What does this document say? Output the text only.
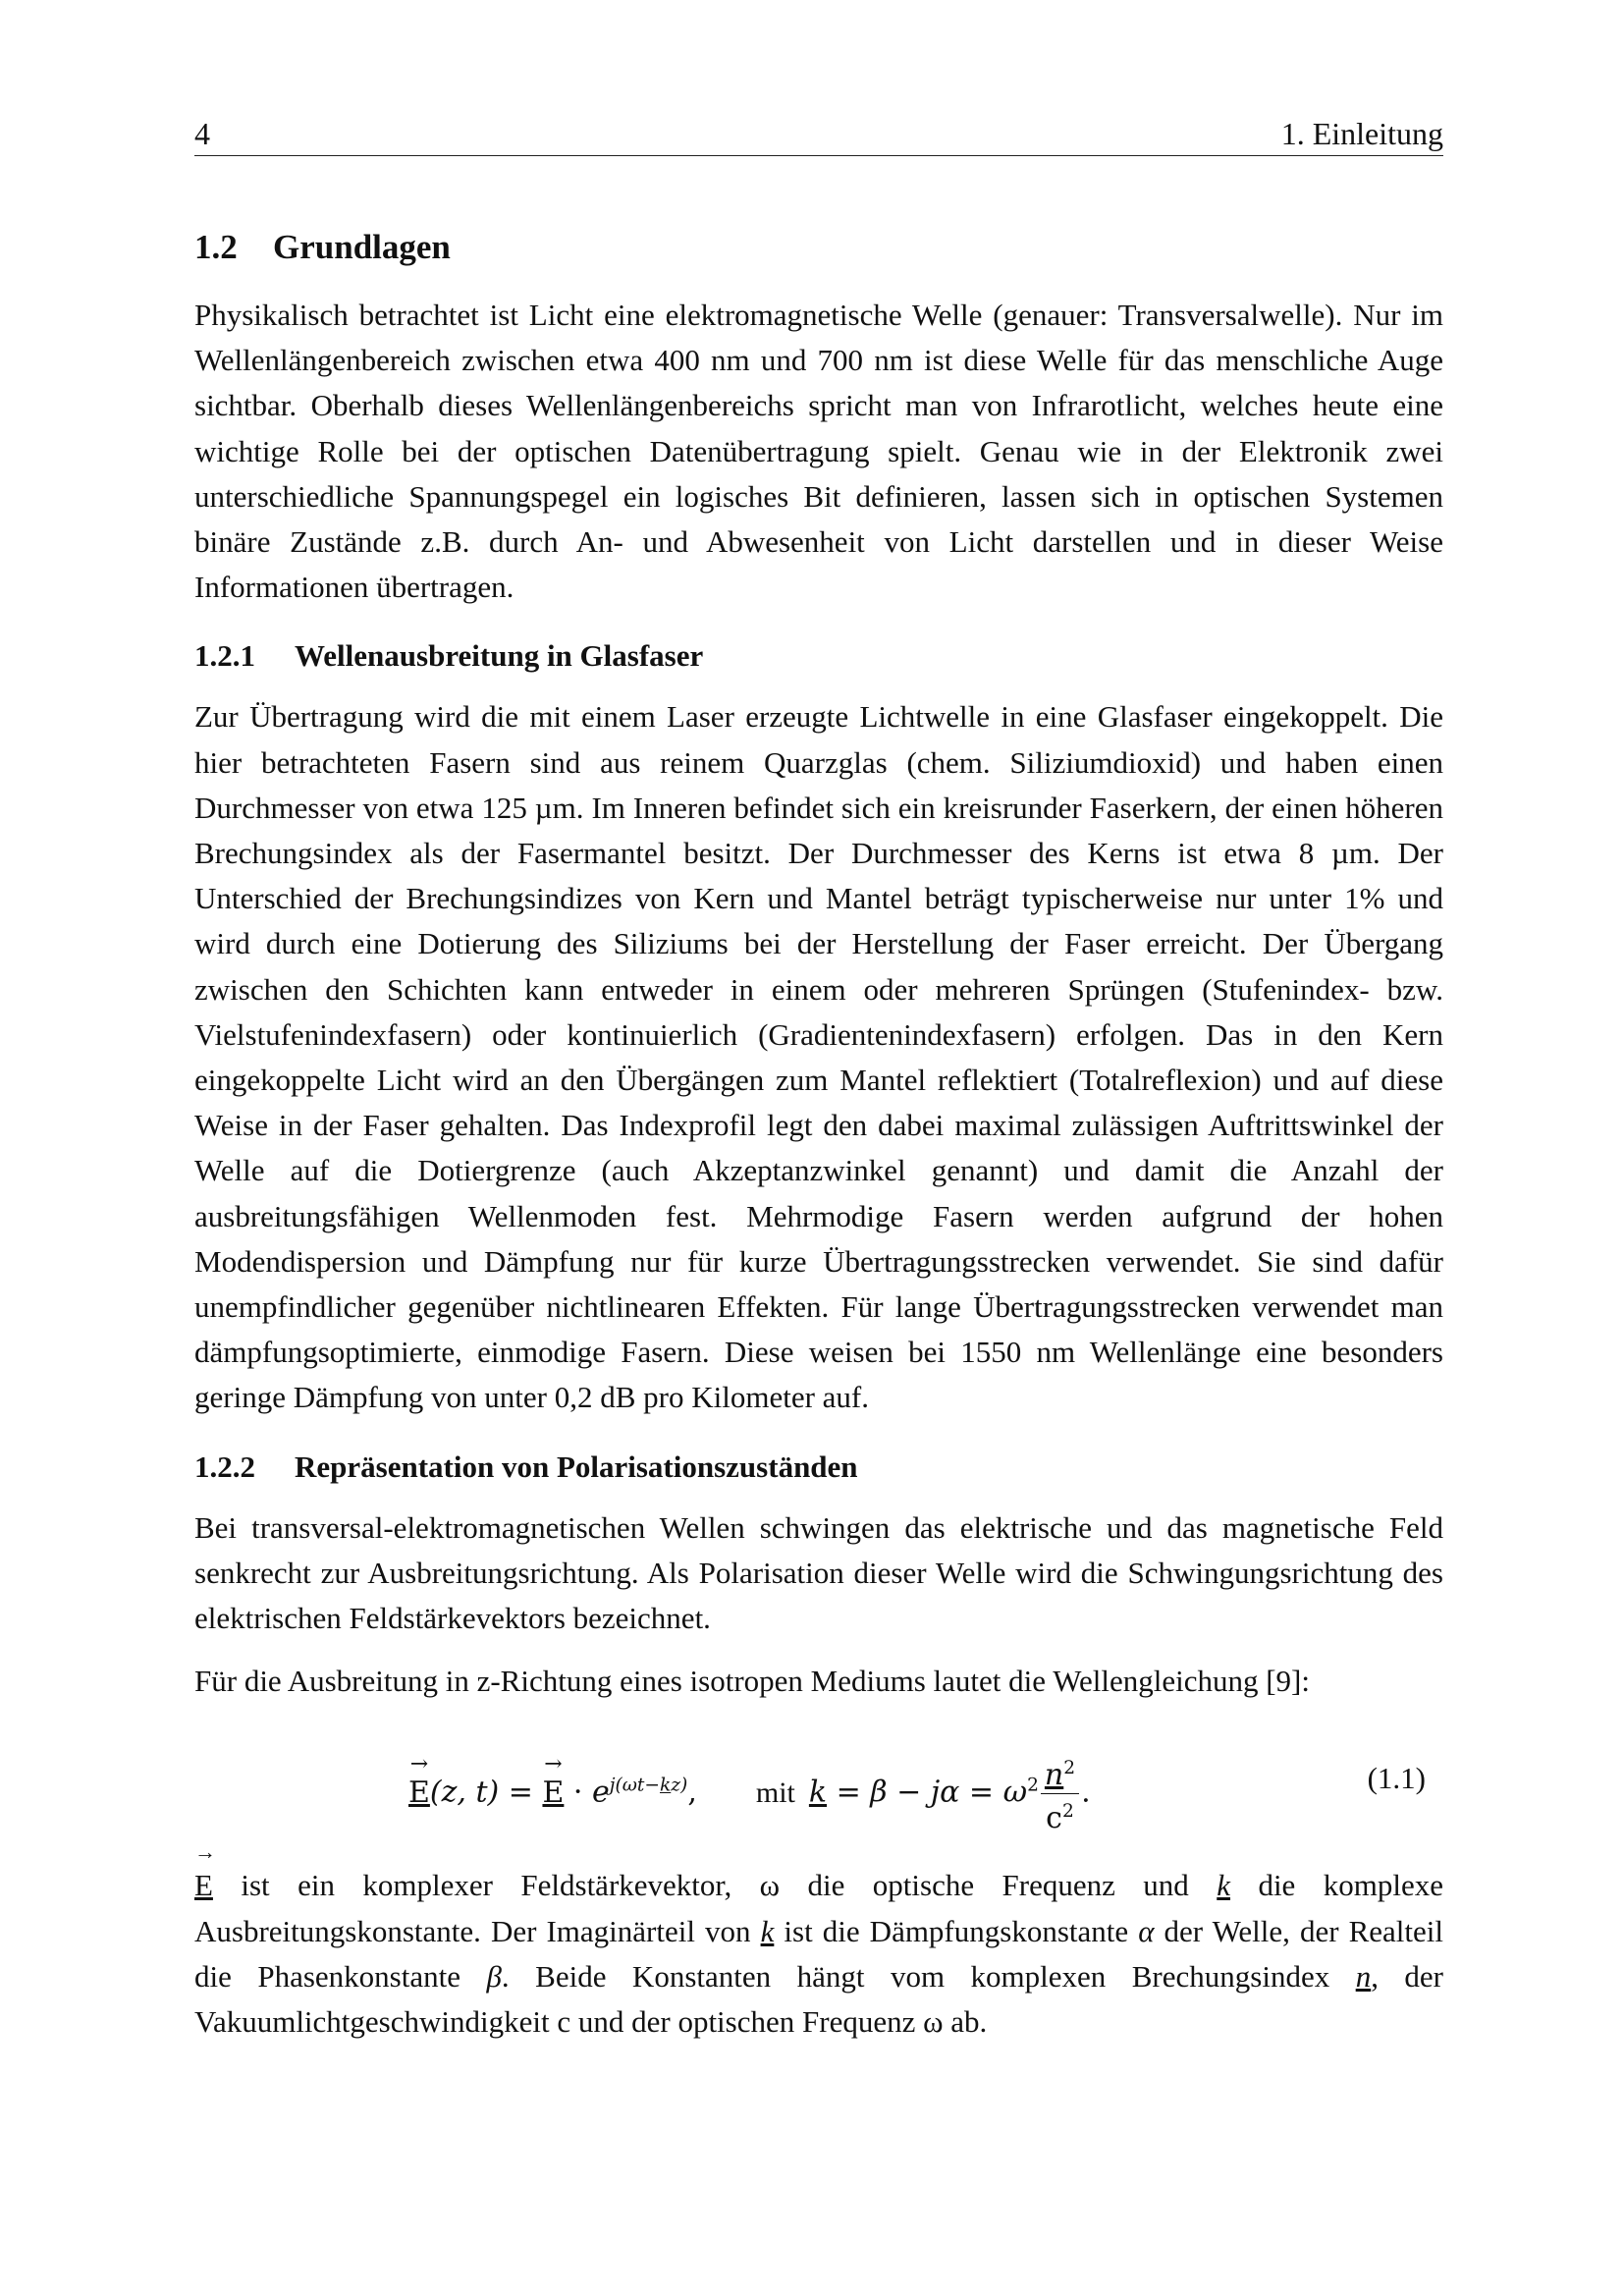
4	1. Einleitung
1.2 Grundlagen

Physikalisch betrachtet ist Licht eine elektromagnetische Welle (genauer: Transversalwelle). Nur im Wellenlängenbereich zwischen etwa 400 nm und 700 nm ist diese Welle für das menschliche Auge sichtbar. Oberhalb dieses Wellenlängenbereichs spricht man von Infrarotlicht, welches heute eine wichtige Rolle bei der optischen Datenübertragung spielt. Genau wie in der Elektronik zwei unterschiedliche Spannungspegel ein logisches Bit definieren, lassen sich in optischen Systemen binäre Zustände z.B. durch An- und Abwesenheit von Licht darstellen und in dieser Weise Informationen übertragen.

1.2.1 Wellenausbreitung in Glasfaser

Zur Übertragung wird die mit einem Laser erzeugte Lichtwelle in eine Glasfaser eingekoppelt. Die hier betrachteten Fasern sind aus reinem Quarzglas (chem. Siliziumdioxid) und haben einen Durchmesser von etwa 125 µm. Im Inneren befindet sich ein kreisrunder Faserkern, der einen höheren Brechungsindex als der Fasermantel besitzt. Der Durchmesser des Kerns ist etwa 8 µm. Der Unterschied der Brechungsindizes von Kern und Mantel beträgt typischerweise nur unter 1% und wird durch eine Dotierung des Siliziums bei der Herstellung der Faser erreicht. Der Übergang zwischen den Schichten kann entweder in einem oder mehreren Sprüngen (Stufenindex- bzw. Vielstufenindexfasern) oder kontinuierlich (Gradientenindexfasern) erfolgen. Das in den Kern eingekoppelte Licht wird an den Übergängen zum Mantel reflektiert (Totalreflexion) und auf diese Weise in der Faser gehalten. Das Indexprofil legt den dabei maximal zulässigen Auftrittswinkel der Welle auf die Dotiergrenze (auch Akzeptanzwinkel genannt) und damit die Anzahl der ausbreitungsfähigen Wellenmoden fest. Mehrmodige Fasern werden aufgrund der hohen Modendispersion und Dämpfung nur für kurze Übertragungsstrecken verwendet. Sie sind dafür unempfindlicher gegenüber nichtlinearen Effekten. Für lange Übertragungsstrecken verwendet man dämpfungsoptimierte, einmodige Fasern. Diese weisen bei 1550 nm Wellenlänge eine besonders geringe Dämpfung von unter 0,2 dB pro Kilometer auf.

1.2.2 Repräsentation von Polarisationszuständen

Bei transversal-elektromagnetischen Wellen schwingen das elektrische und das magnetische Feld senkrecht zur Ausbreitungsrichtung. Als Polarisation dieser Welle wird die Schwingungsrichtung des elektrischen Feldstärkevektors bezeichnet.

Für die Ausbreitung in z-Richtung eines isotropen Mediums lautet die Wellengleichung [9]:

→ E(z, t) = → $E \cdot e^{j(\omega t-kz)}$, mit $k = \beta - j\alpha = \omega^2 \frac{n^2}{c^2}$ .	(1.1)

→ E ist ein komplexer Feldstärkevektor, ω die optische Frequenz und k die komplexe Ausbreitungskonstante. Der Imaginärteil von k ist die Dämpfungskonstante α der Welle, der Realteil die Phasenkonstante β. Beide Konstanten hängt vom komplexen Brechungsindex n, der Vakuumlichtgeschwindigkeit c und der optischen Frequenz ω ab.
